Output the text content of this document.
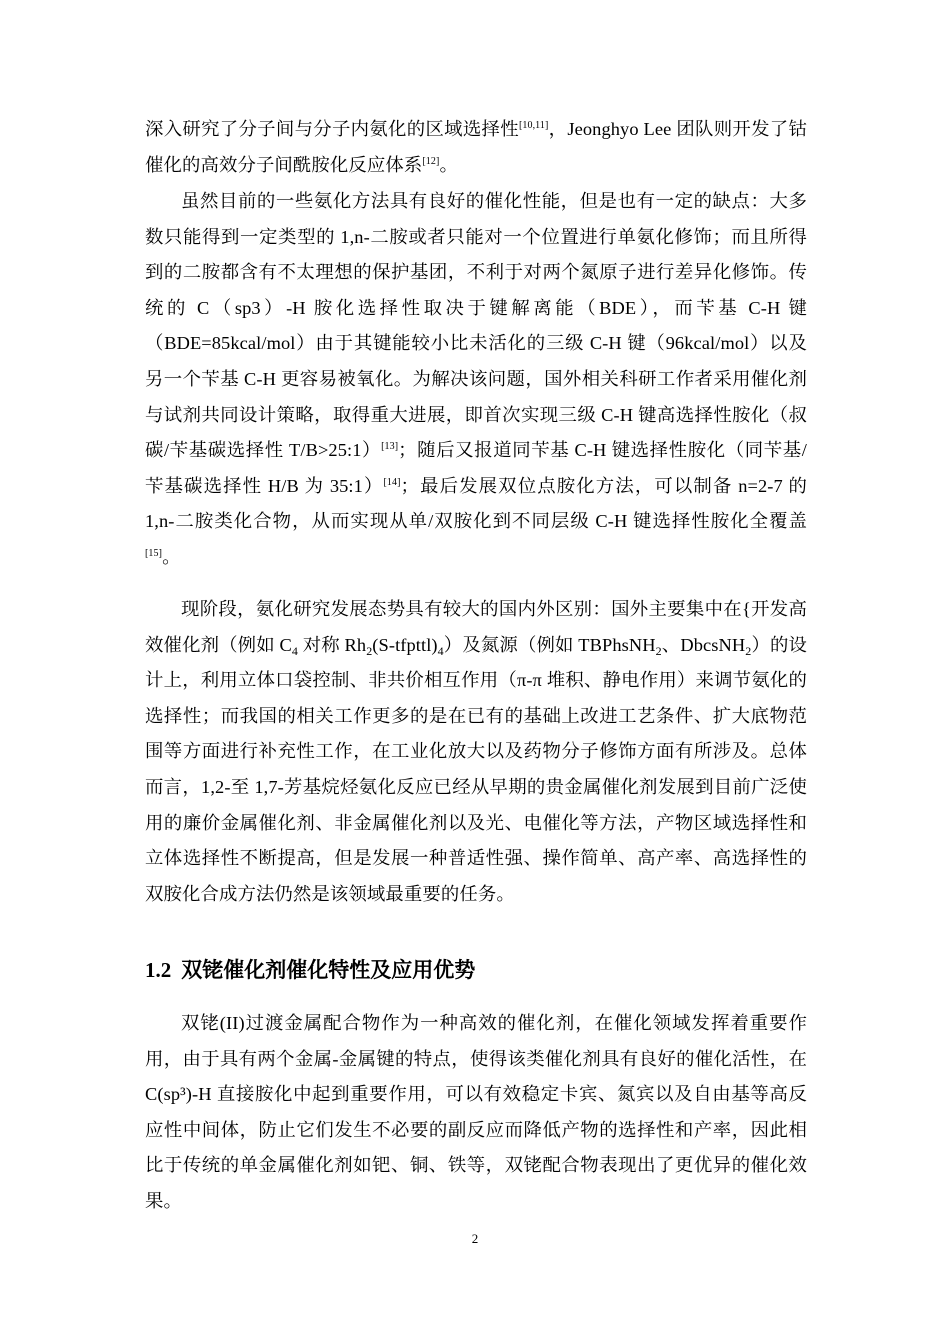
深入研究了分子间与分子内氨化的区域选择性[10,11]，Jeonghyo Lee 团队则开发了钴催化的高效分子间酰胺化反应体系[12]。

虽然目前的一些氨化方法具有良好的催化性能，但是也有一定的缺点：大多数只能得到一定类型的 1,n-二胺或者只能对一个位置进行单氨化修饰；而且所得到的二胺都含有不太理想的保护基团，不利于对两个氮原子进行差异化修饰。传统的 C（sp3）-H 胺化选择性取决于键解离能（BDE），而苄基 C-H 键（BDE=85kcal/mol）由于其键能较小比未活化的三级 C-H 键（96kcal/mol）以及另一个苄基 C-H 更容易被氧化。为解决该问题，国外相关科研工作者采用催化剂与试剂共同设计策略，取得重大进展，即首次实现三级 C-H 键高选择性胺化（叔碳/苄基碳选择性 T/B>25:1）[13]；随后又报道同苄基 C-H 键选择性胺化（同苄基/苄基碳选择性 H/B 为 35:1）[14]；最后发展双位点胺化方法，可以制备 n=2-7 的 1,n-二胺类化合物，从而实现从单/双胺化到不同层级 C-H 键选择性胺化全覆盖[15]。

现阶段，氨化研究发展态势具有较大的国内外区别：国外主要集中在{开发高效催化剂（例如 $C_4$ 对称 $Rh_2(S-tfpttl)_4$）及氮源（例如 TBPhsNH$_2$、DbcsNH$_2$）的设计上，利用立体口袋控制、非共价相互作用（π-π 堆积、静电作用）来调节氨化的选择性；而我国的相关工作更多的是在已有的基础上改进工艺条件、扩大底物范围等方面进行补充性工作，在工业化放大以及药物分子修饰方面有所涉及。总体而言，1,2-至 1,7-芳基烷烃氨化反应已经从早期的贵金属催化剂发展到目前广泛使用的廉价金属催化剂、非金属催化剂以及光、电催化等方法，产物区域选择性和立体选择性不断提高，但是发展一种普适性强、操作简单、高产率、高选择性的双胺化合成方法仍然是该领域最重要的任务。

1.2 双铑催化剂催化特性及应用优势

双铑(II)过渡金属配合物作为一种高效的催化剂，在催化领域发挥着重要作用，由于具有两个金属-金属键的特点，使得该类催化剂具有良好的催化活性，在 C(sp³)-H 直接胺化中起到重要作用，可以有效稳定卡宾、氮宾以及自由基等高反应性中间体，防止它们发生不必要的副反应而降低产物的选择性和产率，因此相比于传统的单金属催化剂如钯、铜、铁等，双铑配合物表现出了更优异的催化效果。

2
